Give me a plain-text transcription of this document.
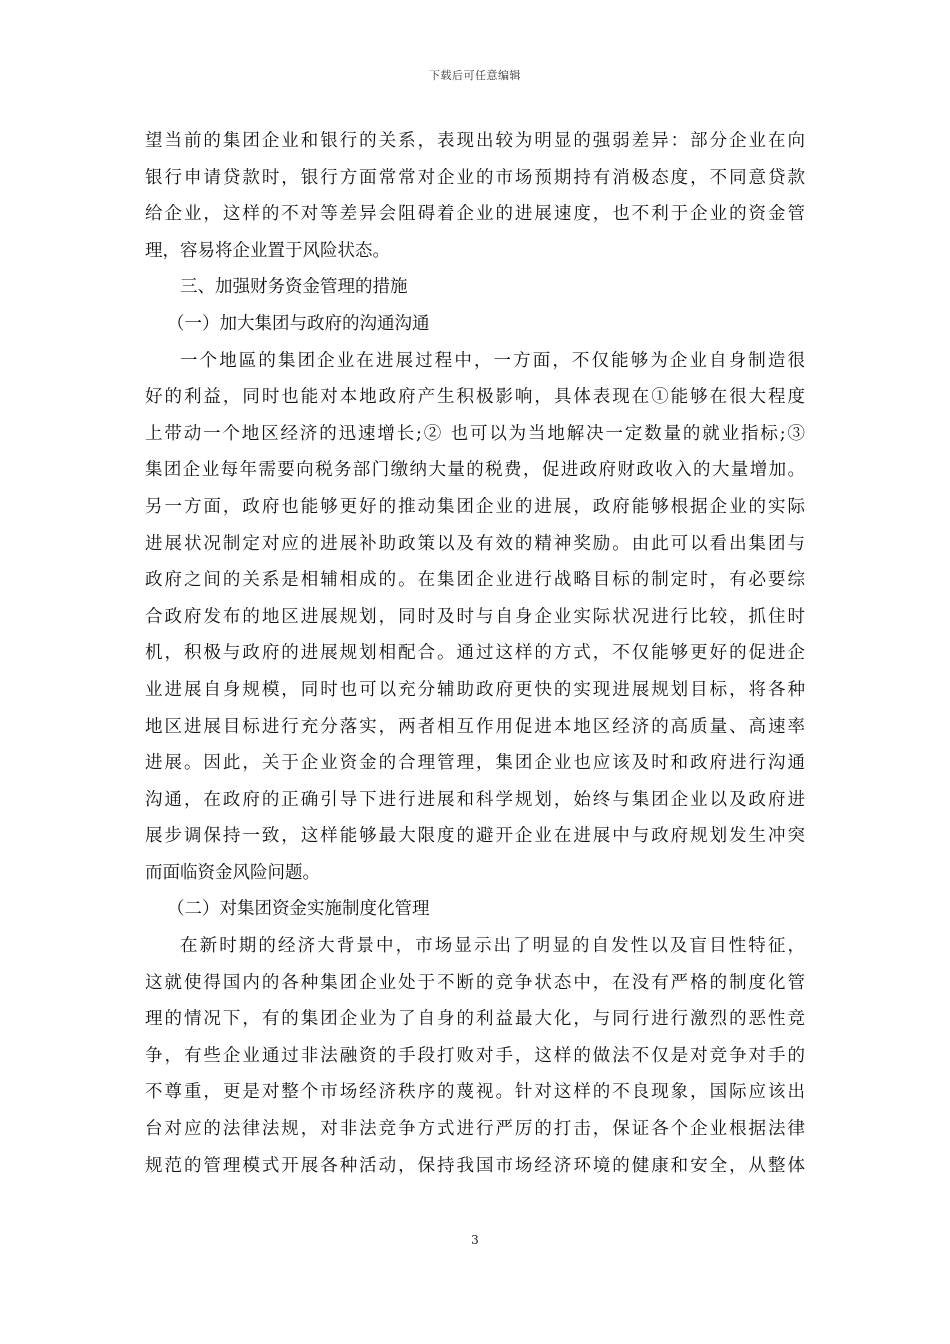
下载后可任意编辑
望当前的集团企业和银行的关系，表现出较为明显的强弱差异：部分企业在向
银行申请贷款时，银行方面常常对企业的市场预期持有消极态度，不同意贷款
给企业，这样的不对等差异会阻碍着企业的进展速度，也不利于企业的资金管
理，容易将企业置于风险状态。
三、加强财务资金管理的措施
（一）加大集团与政府的沟通沟通
一个地區的集团企业在进展过程中，一方面，不仅能够为企业自身制造很
好的利益，同时也能对本地政府产生积极影响，具体表现在①能够在很大程度
上带动一个地区经济的迅速增长;② 也可以为当地解决一定数量的就业指标;③
集团企业每年需要向税务部门缴纳大量的税费，促进政府财政收入的大量增加。
另一方面，政府也能够更好的推动集团企业的进展，政府能够根据企业的实际
进展状况制定对应的进展补助政策以及有效的精神奖励。由此可以看出集团与
政府之间的关系是相辅相成的。在集团企业进行战略目标的制定时，有必要综
合政府发布的地区进展规划，同时及时与自身企业实际状况进行比较，抓住时
机，积极与政府的进展规划相配合。通过这样的方式，不仅能够更好的促进企
业进展自身规模，同时也可以充分辅助政府更快的实现进展规划目标，将各种
地区进展目标进行充分落实，两者相互作用促进本地区经济的高质量、高速率
进展。因此，关于企业资金的合理管理，集团企业也应该及时和政府进行沟通
沟通，在政府的正确引导下进行进展和科学规划，始终与集团企业以及政府进
展步调保持一致，这样能够最大限度的避开企业在进展中与政府规划发生冲突
而面临资金风险问题。
（二）对集团资金实施制度化管理
在新时期的经济大背景中，市场显示出了明显的自发性以及盲目性特征，
这就使得国内的各种集团企业处于不断的竞争状态中，在没有严格的制度化管
理的情况下，有的集团企业为了自身的利益最大化，与同行进行激烈的恶性竞
争，有些企业通过非法融资的手段打败对手，这样的做法不仅是对竞争对手的
不尊重，更是对整个市场经济秩序的蔑视。针对这样的不良现象，国际应该出
台对应的法律法规，对非法竞争方式进行严厉的打击，保证各个企业根据法律
规范的管理模式开展各种活动，保持我国市场经济环境的健康和安全，从整体
3
